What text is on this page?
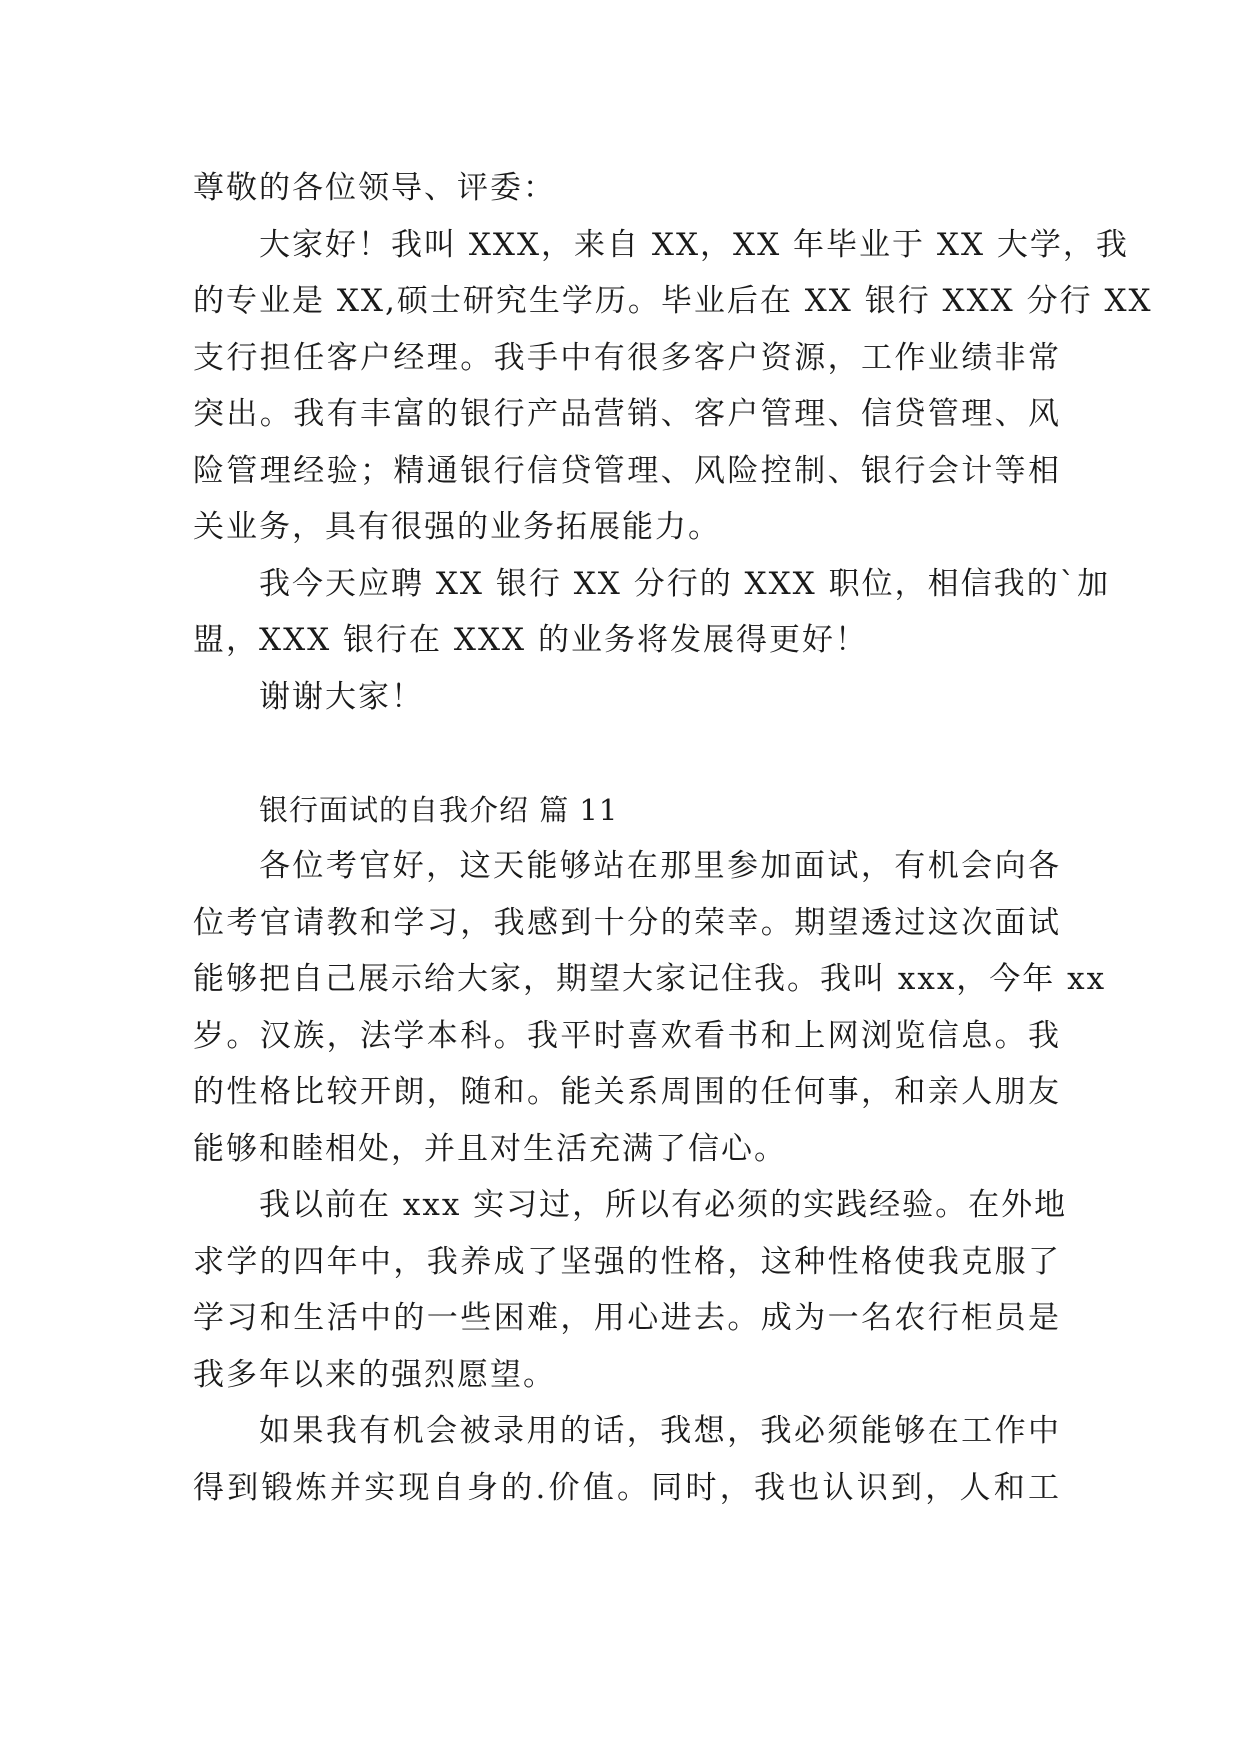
尊敬的各位领导、评委：
大家好！我叫 XXX，来自 XX，XX 年毕业于 XX 大学，我
的专业是 XX,硕士研究生学历。毕业后在 XX 银行 XXX 分行 XX
支行担任客户经理。我手中有很多客户资源，工作业绩非常
突出。我有丰富的银行产品营销、客户管理、信贷管理、风
险管理经验；精通银行信贷管理、风险控制、银行会计等相
关业务，具有很强的业务拓展能力。
我今天应聘 XX 银行 XX 分行的 XXX 职位，相信我的`加
盟，XXX 银行在 XXX 的业务将发展得更好！
谢谢大家！
银行面试的自我介绍 篇 11
各位考官好，这天能够站在那里参加面试，有机会向各
位考官请教和学习，我感到十分的荣幸。期望透过这次面试
能够把自己展示给大家，期望大家记住我。我叫 xxx，今年 xx
岁。汉族，法学本科。我平时喜欢看书和上网浏览信息。我
的性格比较开朗，随和。能关系周围的任何事，和亲人朋友
能够和睦相处，并且对生活充满了信心。
我以前在 xxx 实习过，所以有必须的实践经验。在外地
求学的四年中，我养成了坚强的性格，这种性格使我克服了
学习和生活中的一些困难，用心进去。成为一名农行柜员是
我多年以来的强烈愿望。
如果我有机会被录用的话，我想，我必须能够在工作中
得到锻炼并实现自身的.价值。同时，我也认识到，人和工
